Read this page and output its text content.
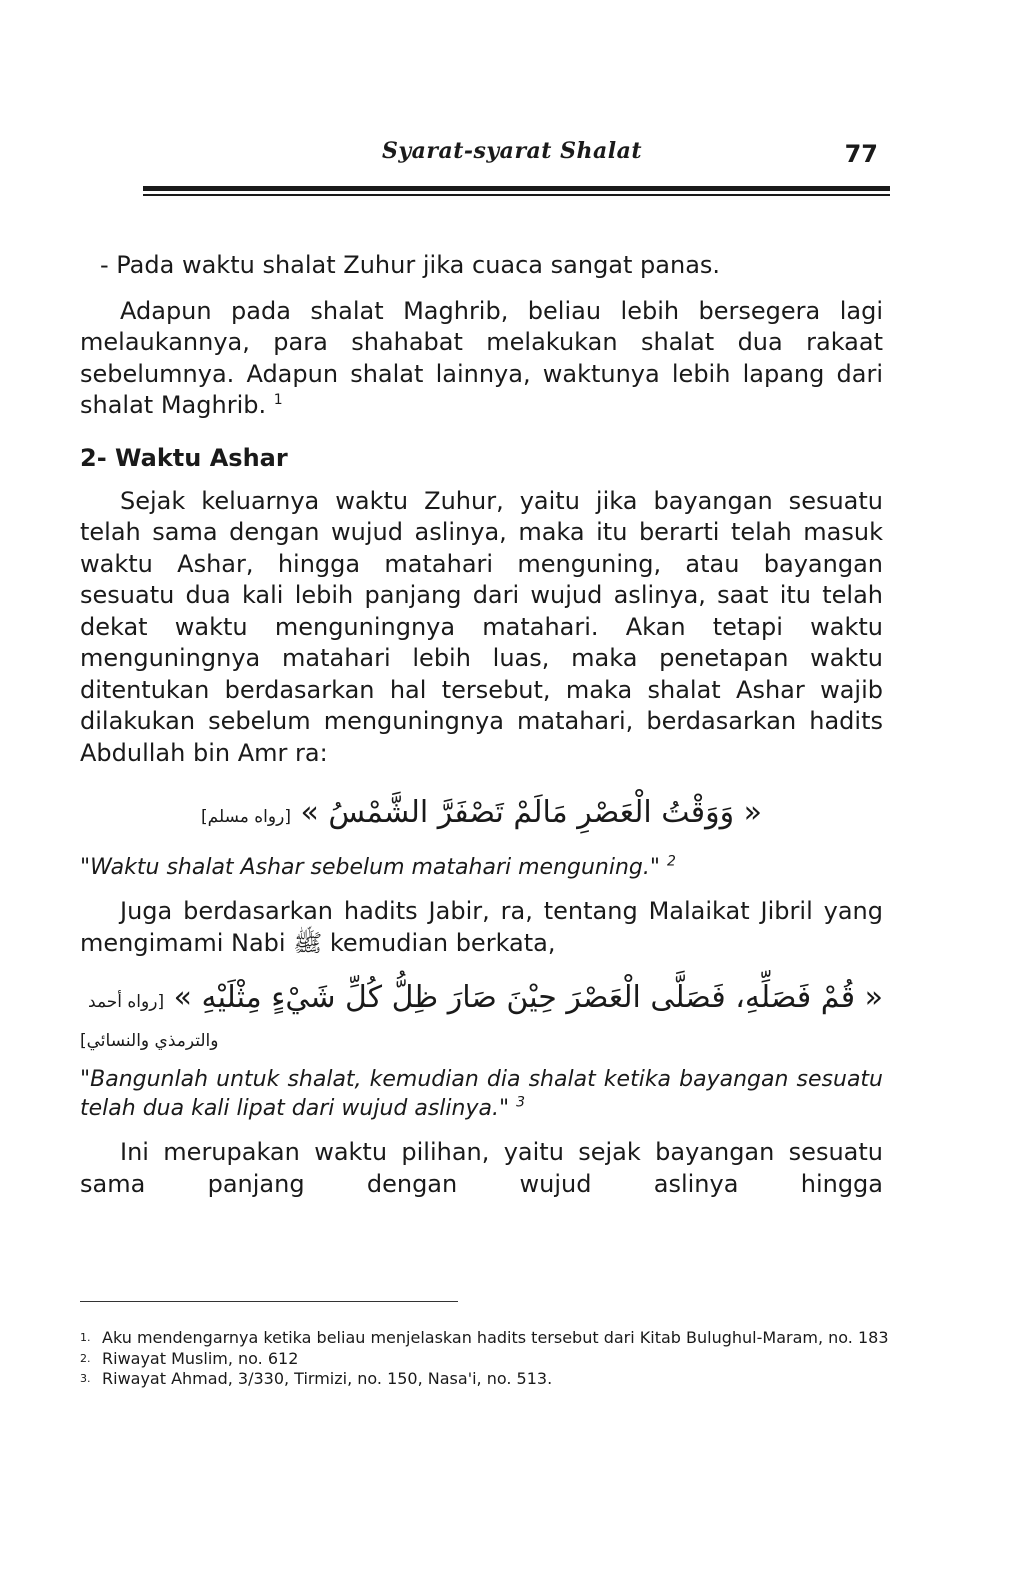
Syarat-syarat Shalat	77

- Pada waktu shalat Zuhur jika cuaca sangat panas.

Adapun pada shalat Maghrib, beliau lebih bersegera lagi melaukannya, para shahabat melakukan shalat dua rakaat sebelumnya. Adapun shalat lainnya, waktunya lebih lapang dari shalat Maghrib. $^1$

2- Waktu Ashar

Sejak keluarnya waktu Zuhur, yaitu jika bayangan sesuatu telah sama dengan wujud aslinya, maka itu berarti telah masuk waktu Ashar, hingga matahari menguning, atau bayangan sesuatu dua kali lebih panjang dari wujud aslinya, saat itu telah dekat waktu menguningnya matahari. Akan tetapi waktu menguningnya matahari lebih luas, maka penetapan waktu ditentukan berdasarkan hal tersebut, maka shalat Ashar wajib dilakukan sebelum menguningnya matahari, berdasarkan hadits Abdullah bin Amr ra:

« وَوَقْتُ الْعَصْرِ مَالَمْ تَصْفَرَّ الشَّمْسُ » [رواه مسلم]

"Waktu shalat Ashar sebelum matahari menguning." $^2$

Juga berdasarkan hadits Jabir, ra, tentang Malaikat Jibril yang mengimami Nabi ﷺ kemudian berkata,

« قُمْ فَصَلِّهِ، فَصَلَّى الْعَصْرَ حِيْنَ صَارَ ظِلُّ كُلِّ شَيْءٍ مِثْلَيْهِ » [رواه أحمد
والترمذي والنسائي]

"Bangunlah untuk shalat, kemudian dia shalat ketika bayangan sesuatu telah dua kali lipat dari wujud aslinya." $^3$

Ini merupakan waktu pilihan, yaitu sejak bayangan sesuatu sama panjang dengan wujud aslinya hingga

1. Aku mendengarnya ketika beliau menjelaskan hadits tersebut dari Kitab Bulughul-Maram, no. 183
2. Riwayat Muslim, no. 612
3. Riwayat Ahmad, 3/330, Tirmizi, no. 150, Nasa'i, no. 513.
